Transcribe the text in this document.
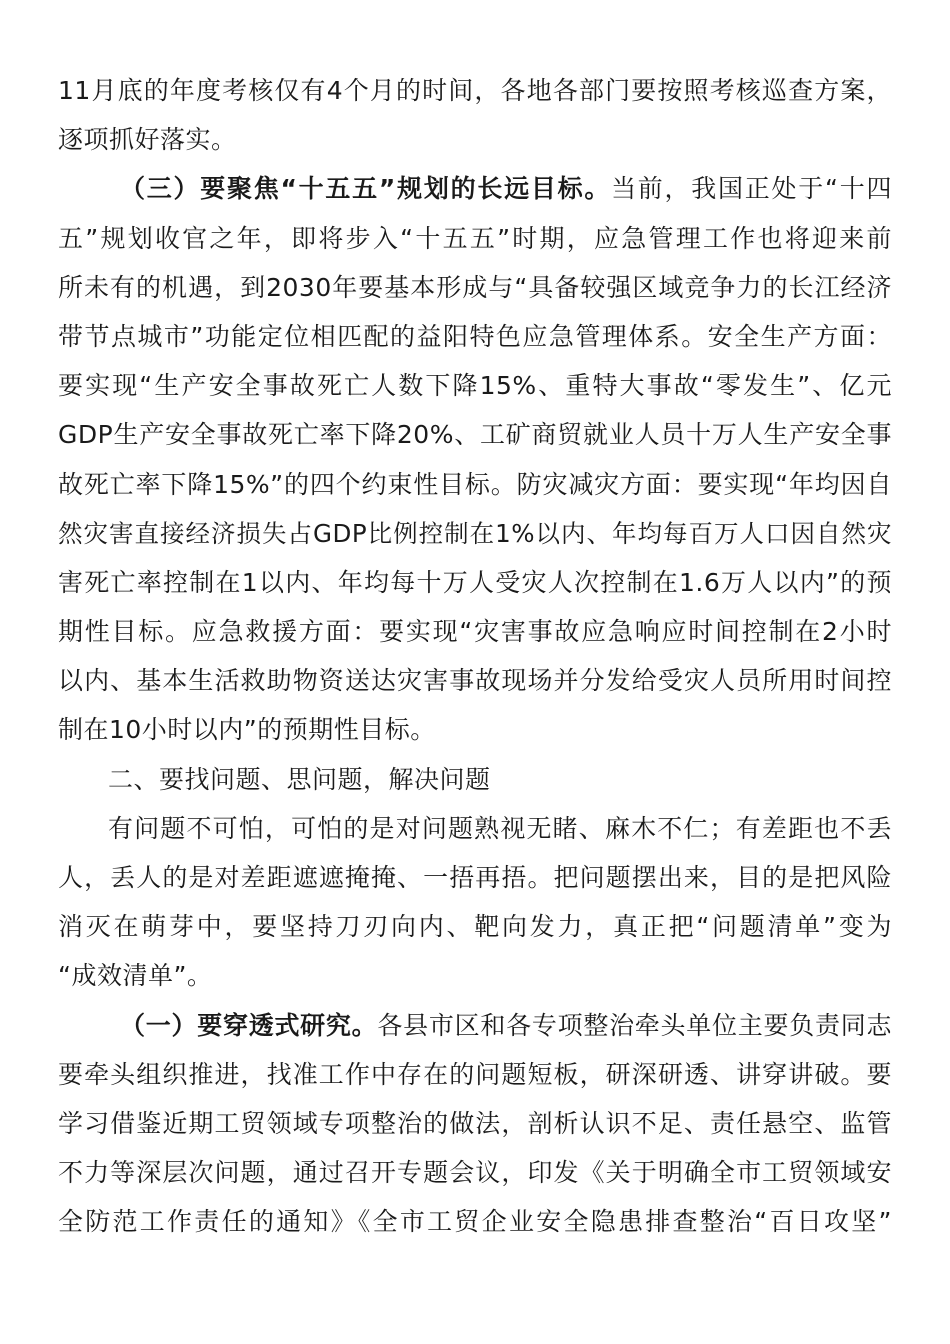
11月底的年度考核仅有4个月的时间，各地各部门要按照考核巡查方案，
逐项抓好落实。
（三）要聚焦“十五五”规划的长远目标。当前，我国正处于“十四
五”规划收官之年，即将步入“十五五”时期，应急管理工作也将迎来前
所未有的机遇，到2030年要基本形成与“具备较强区域竞争力的长江经济
带节点城市”功能定位相匹配的益阳特色应急管理体系。安全生产方面：
要实现“生产安全事故死亡人数下降15%、重特大事故“零发生”、亿元
GDP生产安全事故死亡率下降20%、工矿商贸就业人员十万人生产安全事
故死亡率下降15%”的四个约束性目标。防灾减灾方面：要实现“年均因自
然灾害直接经济损失占GDP比例控制在1%以内、年均每百万人口因自然灾
害死亡率控制在1以内、年均每十万人受灾人次控制在1.6万人以内”的预
期性目标。应急救援方面：要实现“灾害事故应急响应时间控制在2小时
以内、基本生活救助物资送达灾害事故现场并分发给受灾人员所用时间控
制在10小时以内”的预期性目标。
二、要找问题、思问题，解决问题
有问题不可怕，可怕的是对问题熟视无睹、麻木不仁；有差距也不丢
人，丢人的是对差距遮遮掩掩、一捂再捂。把问题摆出来，目的是把风险
消灭在萌芽中，要坚持刀刃向内、靶向发力，真正把“问题清单”变为
“成效清单”。
（一）要穿透式研究。各县市区和各专项整治牵头单位主要负责同志
要牵头组织推进，找准工作中存在的问题短板，研深研透、讲穿讲破。要
学习借鉴近期工贸领域专项整治的做法，剖析认识不足、责任悬空、监管
不力等深层次问题，通过召开专题会议，印发《关于明确全市工贸领域安
全防范工作责任的通知》《全市工贸企业安全隐患排查整治“百日攻坚”
